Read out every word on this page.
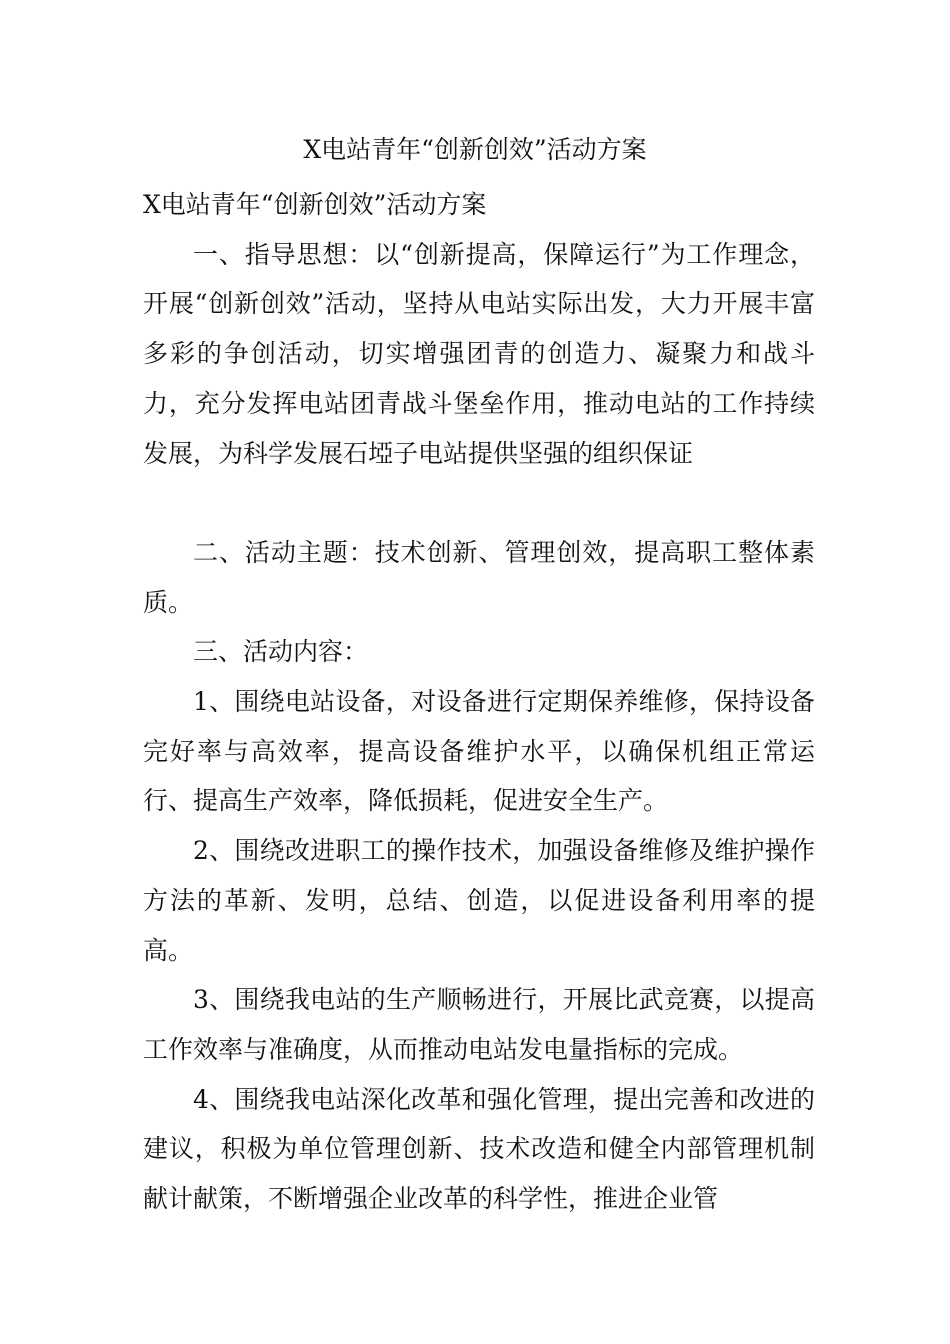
X电站青年“创新创效”活动方案

X电站青年“创新创效”活动方案

一、指导思想：以“创新提高，保障运行”为工作理念，开展“创新创效”活动，坚持从电站实际出发，大力开展丰富多彩的争创活动，切实增强团青的创造力、凝聚力和战斗力，充分发挥电站团青战斗堡垒作用，推动电站的工作持续发展，为科学发展石埡子电站提供坚强的组织保证

二、活动主题：技术创新、管理创效，提高职工整体素质。

三、活动内容：

1、围绕电站设备，对设备进行定期保养维修，保持设备完好率与高效率，提高设备维护水平，以确保机组正常运行、提高生产效率，降低损耗，促进安全生产。

2、围绕改进职工的操作技术，加强设备维修及维护操作方法的革新、发明，总结、创造，以促进设备利用率的提高。

3、围绕我电站的生产顺畅进行，开展比武竞赛，以提高工作效率与准确度，从而推动电站发电量指标的完成。

4、围绕我电站深化改革和强化管理，提出完善和改进的建议，积极为单位管理创新、技术改造和健全内部管理机制献计献策，不断增强企业改革的科学性，推进企业管
